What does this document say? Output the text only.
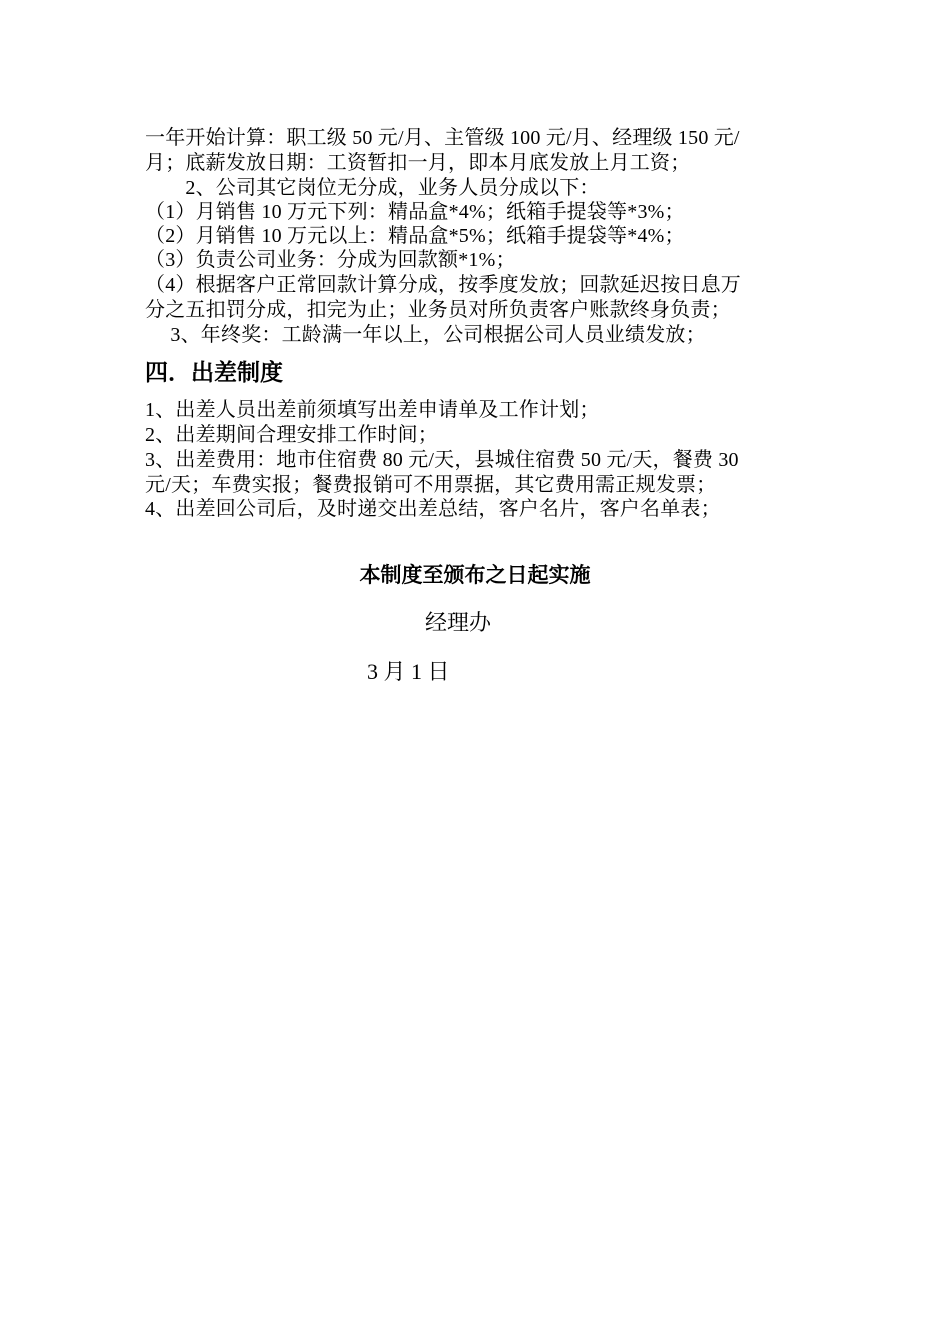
一年开始计算：职工级 50 元/月、主管级 100 元/月、经理级 150 元/
月；底薪发放日期：工资暂扣一月，即本月底发放上月工资；
　　2、公司其它岗位无分成，业务人员分成以下：
（1）月销售 10 万元下列：精品盒*4%；纸箱手提袋等*3%；
（2）月销售 10 万元以上：精品盒*5%；纸箱手提袋等*4%；
（3）负责公司业务：分成为回款额*1%；
（4）根据客户正常回款计算分成，按季度发放；回款延迟按日息万
分之五扣罚分成，扣完为止；业务员对所负责客户账款终身负责；
　 3、年终奖：工龄满一年以上，公司根据公司人员业绩发放；
四．出差制度
1、出差人员出差前须填写出差申请单及工作计划；
2、出差期间合理安排工作时间；
3、出差费用：地市住宿费 80 元/天，县城住宿费 50 元/天，餐费 30
元/天；车费实报；餐费报销可不用票据，其它费用需正规发票；
4、出差回公司后，及时递交出差总结，客户名片，客户名单表；
本制度至颁布之日起实施
经理办
3 月 1 日
